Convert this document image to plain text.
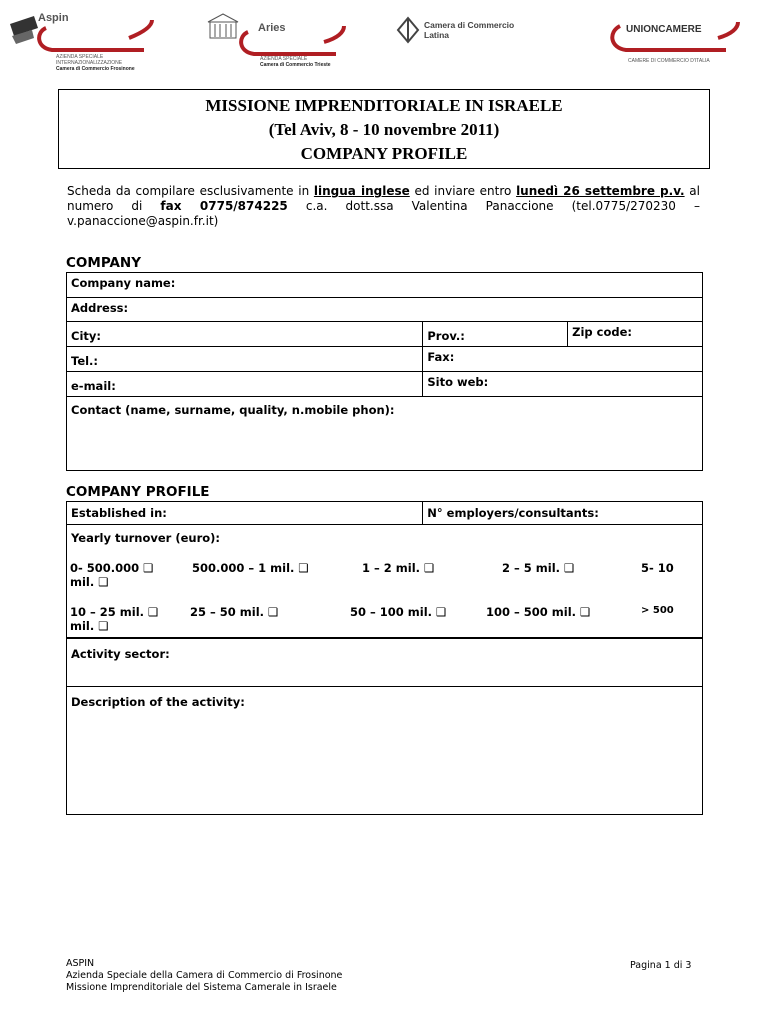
Aspin
AZIENDA SPECIALE
INTERNAZIONALIZZAZIONE
Camera di Commercio Frosinone
Aries
AZIENDA SPECIALE
Camera di Commercio Trieste
Camera di Commercio
Latina	UNIONCAMERE
CAMERE DI COMMERCIO D'ITALIA
MISSIONE IMPRENDITORIALE IN ISRAELE
(Tel Aviv, 8 - 10 novembre 2011)
COMPANY PROFILE
Scheda da compilare esclusivamente in lingua inglese ed inviare entro lunedì 26 settembre p.v. al numero di fax 0775/874225 c.a. dott.ssa Valentina Panaccione (tel.0775/270230 – v.panaccione@aspin.fr.it)
COMPANY
Company name:		
Address:		
City:	Prov.:	Zip code:
Tel.:	Fax:	
e-mail:	Sito web:	
Contact (name, surname, quality, n.mobile phon):		
COMPANY PROFILE
Established in:	N° employers/consultants:
Yearly turnover (euro):
Activity sector:
Description of the activity:
0- 500.000 ❑	500.000 – 1 mil. ❑	1 – 2 mil. ❑	2 – 5 mil. ❑	5- 10
mil. ❑
10 – 25 mil. ❑	25 – 50 mil. ❑	50 – 100 mil. ❑	100 – 500 mil. ❑	> 500
mil. ❑
ASPIN
Azienda Speciale della Camera di Commercio di Frosinone
Missione Imprenditoriale del Sistema Camerale in Israele
Pagina 1 di 3
